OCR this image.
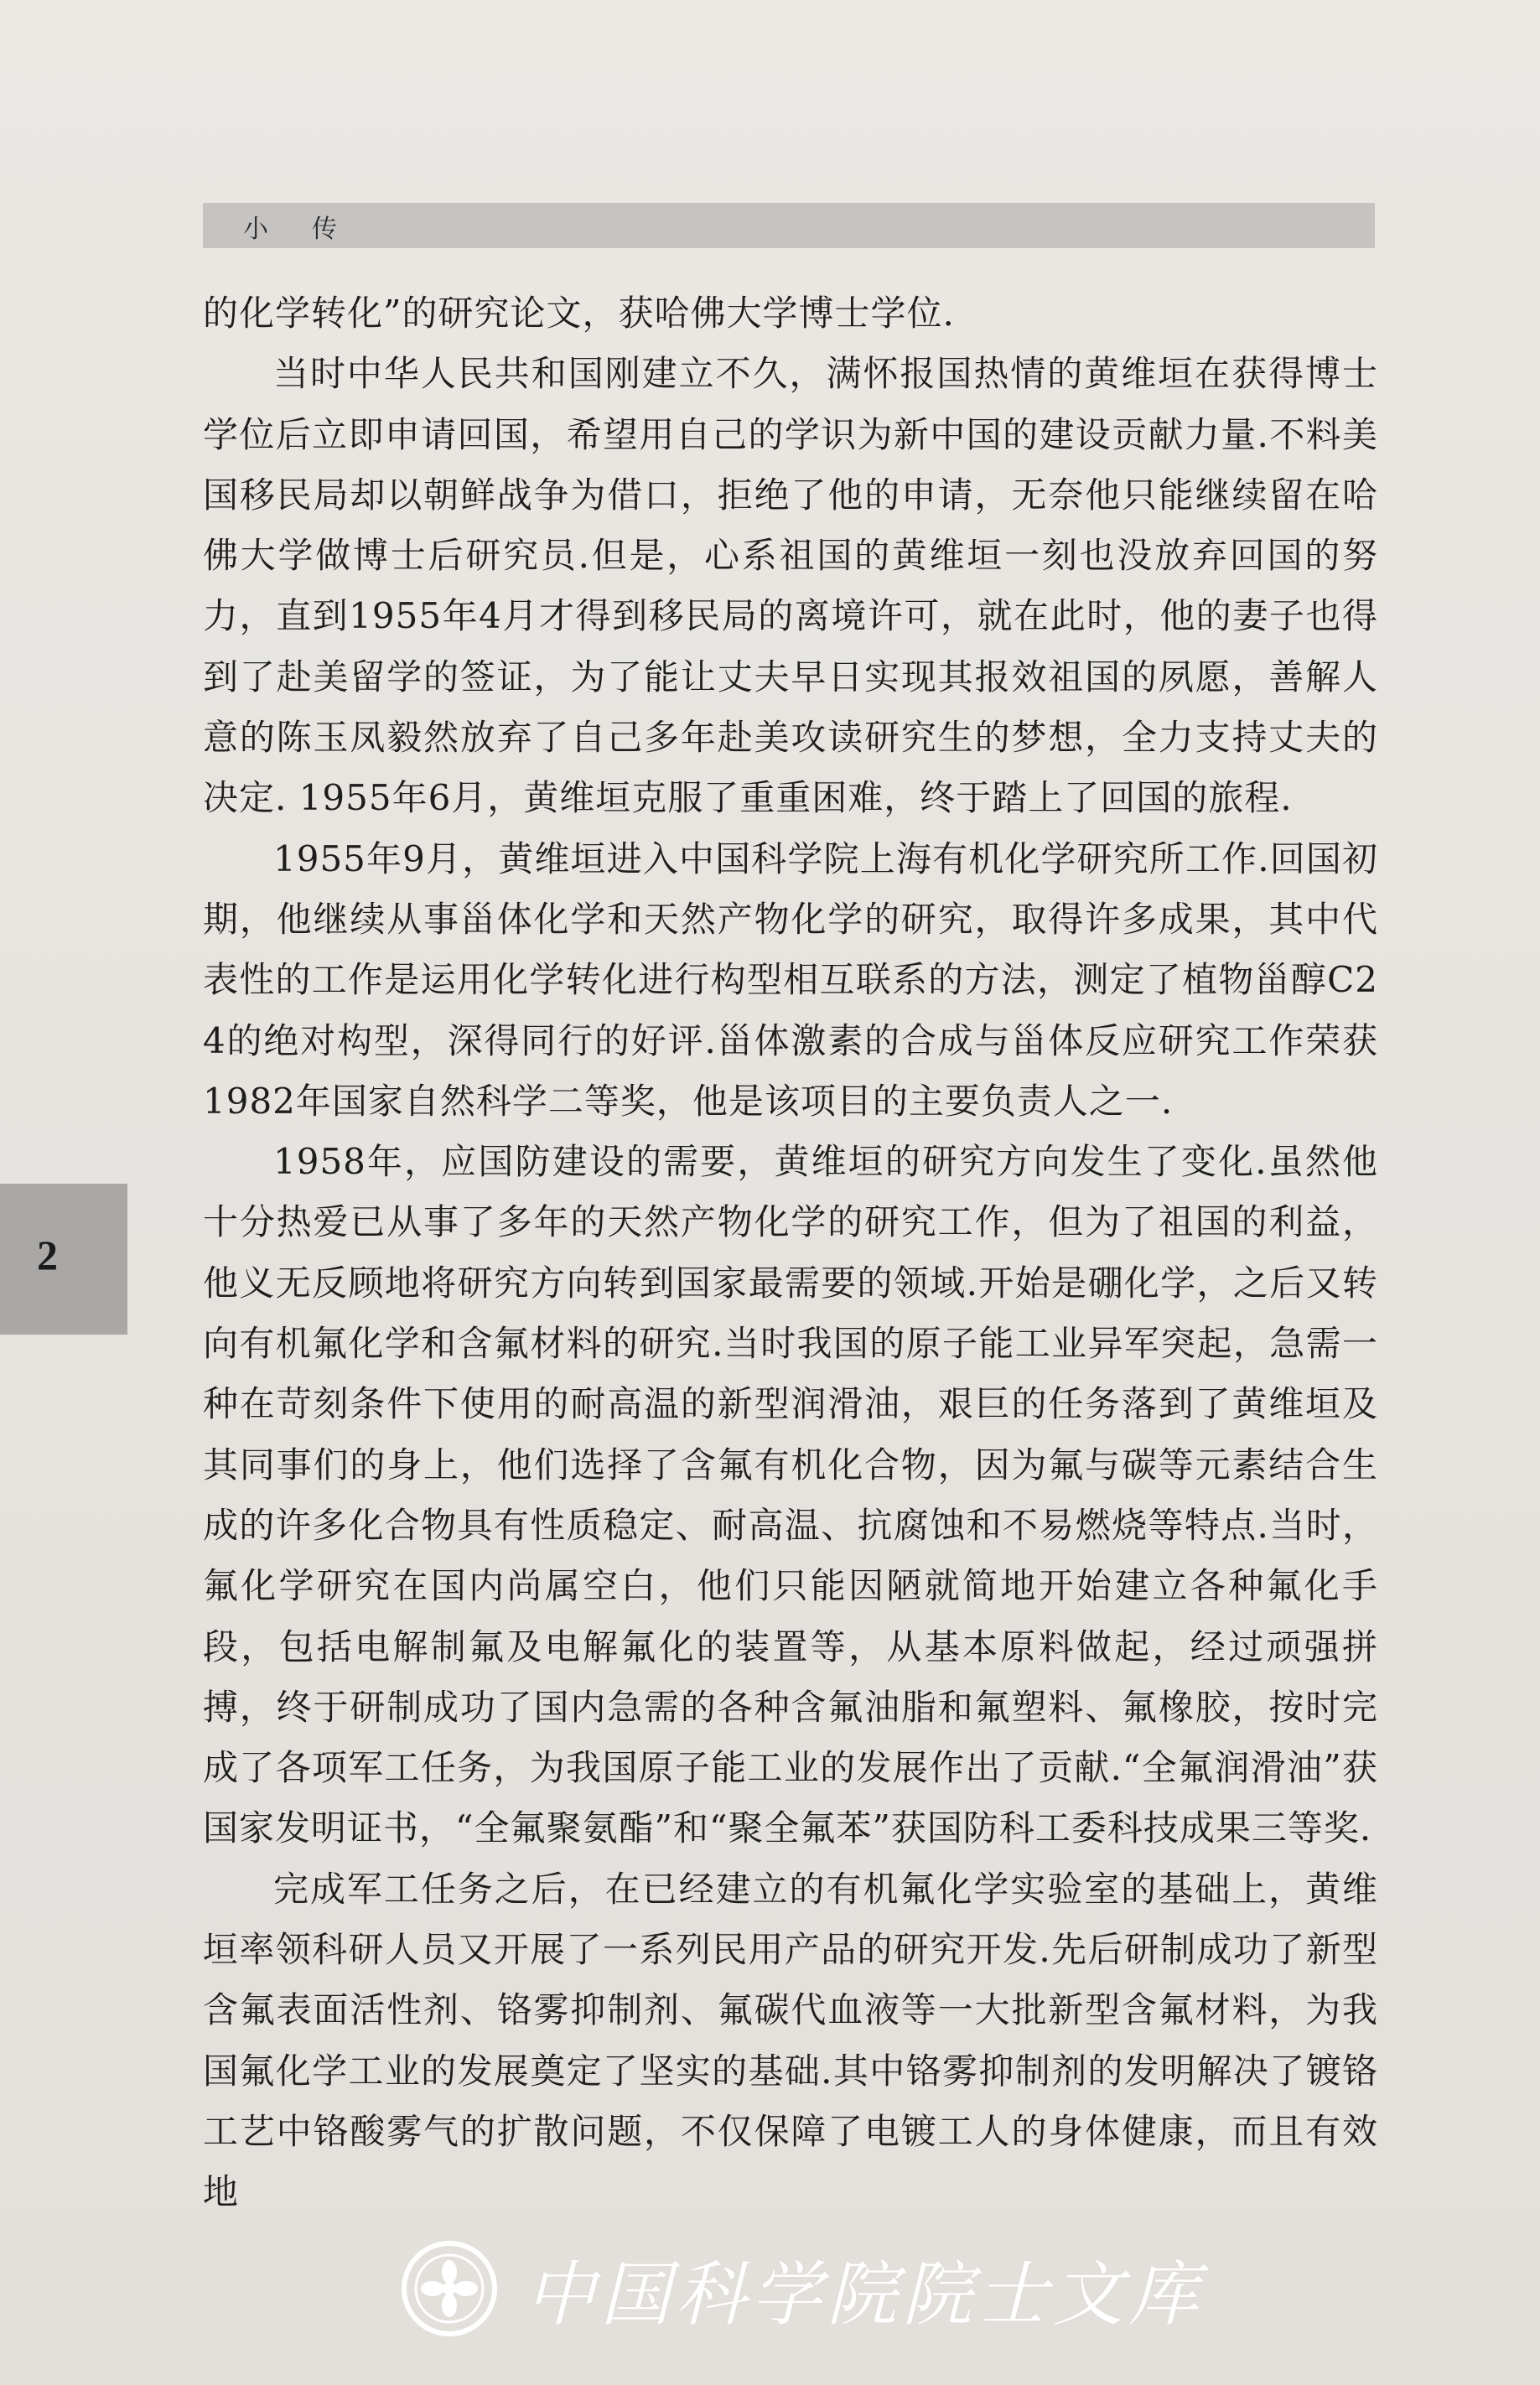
小传
2

的化学转化”的研究论文，获哈佛大学博士学位.

当时中华人民共和国刚建立不久，满怀报国热情的黄维垣在获得博士学位后立即申请回国，希望用自己的学识为新中国的建设贡献力量.不料美国移民局却以朝鲜战争为借口，拒绝了他的申请，无奈他只能继续留在哈佛大学做博士后研究员.但是，心系祖国的黄维垣一刻也没放弃回国的努力，直到1955年4月才得到移民局的离境许可，就在此时，他的妻子也得到了赴美留学的签证，为了能让丈夫早日实现其报效祖国的夙愿，善解人意的陈玉凤毅然放弃了自己多年赴美攻读研究生的梦想，全力支持丈夫的决定. 1955年6月，黄维垣克服了重重困难，终于踏上了回国的旅程.

1955年9月，黄维垣进入中国科学院上海有机化学研究所工作.回国初期，他继续从事甾体化学和天然产物化学的研究，取得许多成果，其中代表性的工作是运用化学转化进行构型相互联系的方法，测定了植物甾醇C24的绝对构型，深得同行的好评.甾体激素的合成与甾体反应研究工作荣获1982年国家自然科学二等奖，他是该项目的主要负责人之一.

1958年，应国防建设的需要，黄维垣的研究方向发生了变化.虽然他十分热爱已从事了多年的天然产物化学的研究工作，但为了祖国的利益，他义无反顾地将研究方向转到国家最需要的领域.开始是硼化学，之后又转向有机氟化学和含氟材料的研究.当时我国的原子能工业异军突起，急需一种在苛刻条件下使用的耐高温的新型润滑油，艰巨的任务落到了黄维垣及其同事们的身上，他们选择了含氟有机化合物，因为氟与碳等元素结合生成的许多化合物具有性质稳定、耐高温、抗腐蚀和不易燃烧等特点.当时，氟化学研究在国内尚属空白，他们只能因陋就简地开始建立各种氟化手段，包括电解制氟及电解氟化的装置等，从基本原料做起，经过顽强拼搏，终于研制成功了国内急需的各种含氟油脂和氟塑料、氟橡胶，按时完成了各项军工任务，为我国原子能工业的发展作出了贡献.“全氟润滑油”获国家发明证书，“全氟聚氨酯”和“聚全氟苯”获国防科工委科技成果三等奖.

完成军工任务之后，在已经建立的有机氟化学实验室的基础上，黄维垣率领科研人员又开展了一系列民用产品的研究开发.先后研制成功了新型含氟表面活性剂、铬雾抑制剂、氟碳代血液等一大批新型含氟材料，为我国氟化学工业的发展奠定了坚实的基础.其中铬雾抑制剂的发明解决了镀铬工艺中铬酸雾气的扩散问题，不仅保障了电镀工人的身体健康，而且有效地

中国科学院院士文库
